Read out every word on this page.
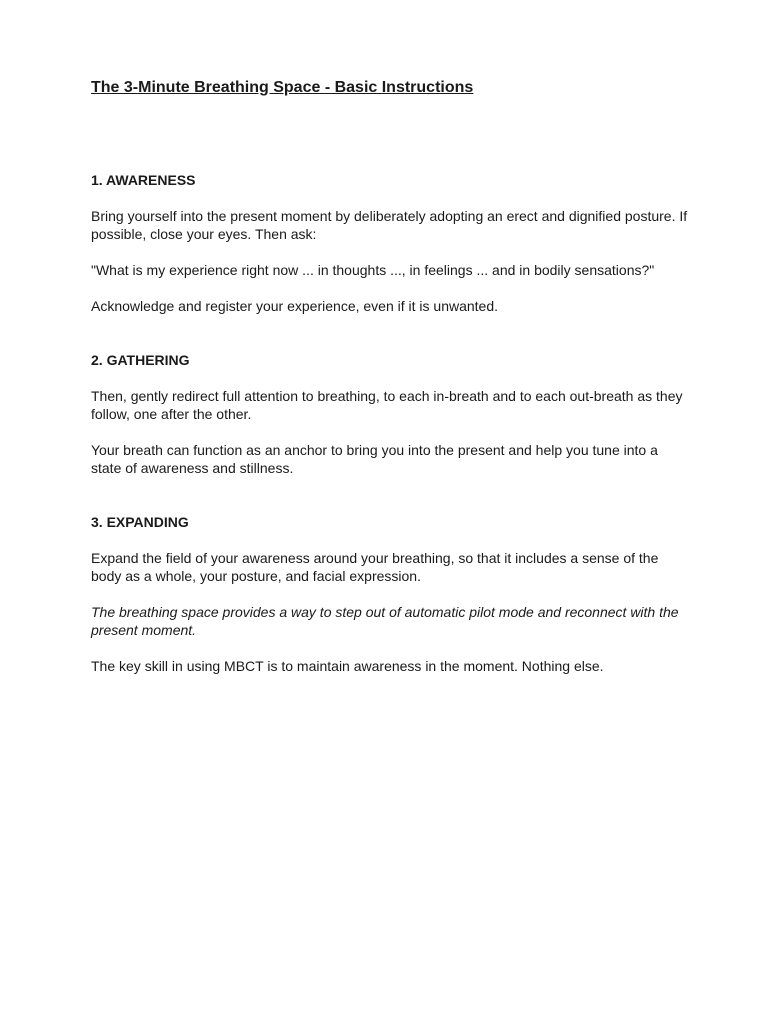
The 3-Minute Breathing Space - Basic Instructions
1. AWARENESS

Bring yourself into the present moment by deliberately adopting an erect and dignified posture. If possible, close your eyes. Then ask:

"What is my experience right now ... in thoughts ..., in feelings ... and in bodily sensations?"

Acknowledge and register your experience, even if it is unwanted.

2. GATHERING

Then, gently redirect full attention to breathing, to each in-breath and to each out-breath as they follow, one after the other.

Your breath can function as an anchor to bring you into the present and help you tune into a state of awareness and stillness.

3. EXPANDING

Expand the field of your awareness around your breathing, so that it includes a sense of the body as a whole, your posture, and facial expression.

The breathing space provides a way to step out of automatic pilot mode and reconnect with the present moment.

The key skill in using MBCT is to maintain awareness in the moment. Nothing else.
